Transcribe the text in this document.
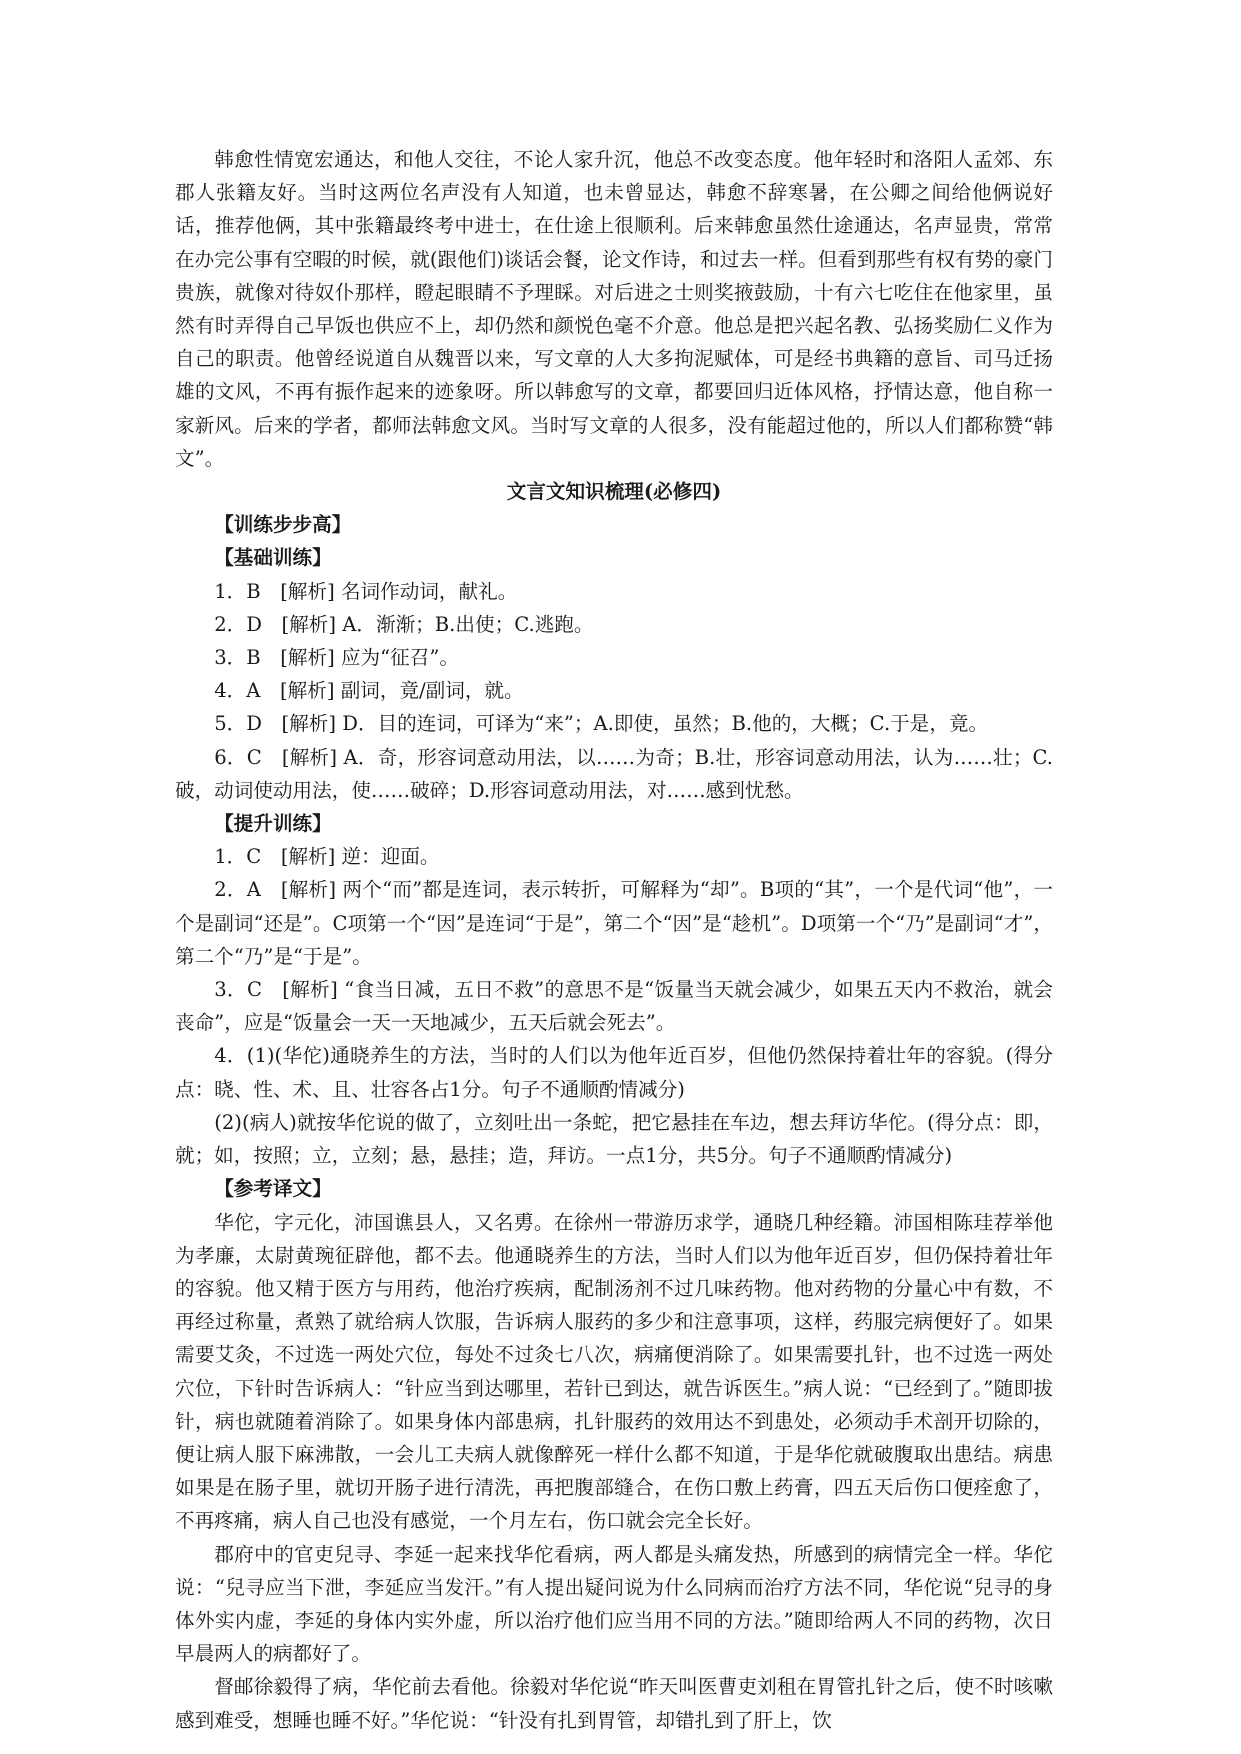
韩愈性情宽宏通达，和他人交往，不论人家升沉，他总不改变态度。他年轻时和洛阳人孟郊、东郡人张籍友好。当时这两位名声没有人知道，也未曾显达，韩愈不辞寒暑，在公卿之间给他俩说好话，推荐他俩，其中张籍最终考中进士，在仕途上很顺利。后来韩愈虽然仕途通达，名声显贵，常常在办完公事有空暇的时候，就(跟他们)谈话会餐，论文作诗，和过去一样。但看到那些有权有势的豪门贵族，就像对待奴仆那样，瞪起眼睛不予理睬。对后进之士则奖掖鼓励，十有六七吃住在他家里，虽然有时弄得自己早饭也供应不上，却仍然和颜悦色毫不介意。他总是把兴起名教、弘扬奖励仁义作为自己的职责。他曾经说道自从魏晋以来，写文章的人大多拘泥赋体，可是经书典籍的意旨、司马迁扬雄的文风，不再有振作起来的迹象呀。所以韩愈写的文章，都要回归近体风格，抒情达意，他自称一家新风。后来的学者，都师法韩愈文风。当时写文章的人很多，没有能超过他的，所以人们都称赞“韩文”。

文言文知识梳理(必修四)

【训练步步高】

【基础训练】

1．B　[解析] 名词作动词，献礼。

2．D　[解析] A．渐渐；B.出使；C.逃跑。

3．B　[解析] 应为“征召”。

4．A　[解析] 副词，竟/副词，就。

5．D　[解析] D．目的连词，可译为“来”；A.即使，虽然；B.他的，大概；C.于是，竟。

6．C　[解析] A．奇，形容词意动用法，以……为奇；B.壮，形容词意动用法，认为……壮；C.破，动词使动用法，使……破碎；D.形容词意动用法，对……感到忧愁。

【提升训练】

1．C　[解析] 逆：迎面。

2．A　[解析] 两个“而”都是连词，表示转折，可解释为“却”。B项的“其”，一个是代词“他”，一个是副词“还是”。C项第一个“因”是连词“于是”，第二个“因”是“趁机”。D项第一个“乃”是副词“才”，第二个“乃”是“于是”。

3．C　[解析] “食当日减，五日不救”的意思不是“饭量当天就会减少，如果五天内不救治，就会丧命”，应是“饭量会一天一天地减少，五天后就会死去”。

4．(1)(华佗)通晓养生的方法，当时的人们以为他年近百岁，但他仍然保持着壮年的容貌。(得分点：晓、性、术、且、壮容各占1分。句子不通顺酌情减分)

(2)(病人)就按华佗说的做了，立刻吐出一条蛇，把它悬挂在车边，想去拜访华佗。(得分点：即，就；如，按照；立，立刻；悬，悬挂；造，拜访。一点1分，共5分。句子不通顺酌情减分)

【参考译文】

华佗，字元化，沛国谯县人，又名旉。在徐州一带游历求学，通晓几种经籍。沛国相陈珪荐举他为孝廉，太尉黄琬征辟他，都不去。他通晓养生的方法，当时人们以为他年近百岁，但仍保持着壮年的容貌。他又精于医方与用药，他治疗疾病，配制汤剂不过几味药物。他对药物的分量心中有数，不再经过称量，煮熟了就给病人饮服，告诉病人服药的多少和注意事项，这样，药服完病便好了。如果需要艾灸，不过选一两处穴位，每处不过灸七八次，病痛便消除了。如果需要扎针，也不过选一两处穴位，下针时告诉病人：“针应当到达哪里，若针已到达，就告诉医生。”病人说：“已经到了。”随即拔针，病也就随着消除了。如果身体内部患病，扎针服药的效用达不到患处，必须动手术剖开切除的，便让病人服下麻沸散，一会儿工夫病人就像醉死一样什么都不知道，于是华佗就破腹取出患结。病患如果是在肠子里，就切开肠子进行清洗，再把腹部缝合，在伤口敷上药膏，四五天后伤口便痊愈了，不再疼痛，病人自己也没有感觉，一个月左右，伤口就会完全长好。

郡府中的官吏兒寻、李延一起来找华佗看病，两人都是头痛发热，所感到的病情完全一样。华佗说：“兒寻应当下泄，李延应当发汗。”有人提出疑问说为什么同病而治疗方法不同，华佗说“兒寻的身体外实内虚，李延的身体内实外虚，所以治疗他们应当用不同的方法。”随即给两人不同的药物，次日早晨两人的病都好了。

督邮徐毅得了病，华佗前去看他。徐毅对华佗说“昨天叫医曹吏刘租在胃管扎针之后，使不时咳嗽感到难受，想睡也睡不好。”华佗说：“针没有扎到胃管，却错扎到了肝上，饮
